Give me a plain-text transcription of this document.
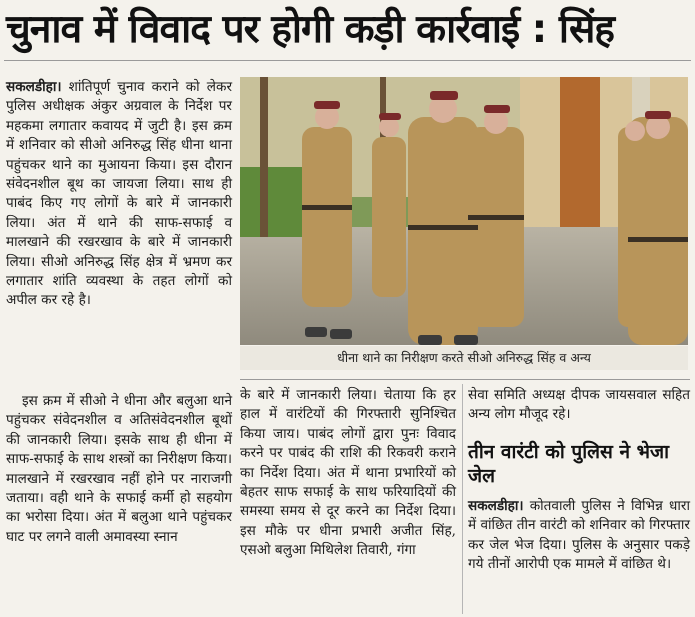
चुनाव में विवाद पर होगी कड़ी कार्रवाई : सिंह

सकलडीहा। शांतिपूर्ण चुनाव कराने को लेकर पुलिस अधीक्षक अंकुर अग्रवाल के निर्देश पर महकमा लगातार कवायद में जुटी है। इस क्रम में शनिवार को सीओ अनिरुद्ध सिंह धीना थाना पहुंचकर थाने का मुआयना किया। इस दौरान संवेदनशील बूथ का जायजा लिया। साथ ही पाबंद किए गए लोगों के बारे में जानकारी लिया। अंत में थाने की साफ-सफाई व मालखाने की रखरखाव के बारे में जानकारी लिया। सीओ अनिरुद्ध सिंह क्षेत्र में भ्रमण कर लगातार शांति व्यवस्था के तहत लोगों को अपील कर रहे है।

इस क्रम में सीओ ने धीना और बलुआ थाने पहुंचकर संवेदनशील व अतिसंवेदनशील बूथों की जानकारी लिया। इसके साथ ही धीना में साफ-सफाई के साथ शस्त्रों का निरीक्षण किया। मालखाने में रखरखाव नहीं होने पर नाराजगी जताया। वही थाने के सफाई कर्मी हो सहयोग का भरोसा दिया। अंत में बलुआ थाने पहुंचकर घाट पर लगने वाली अमावस्या स्नान

धीना थाने का निरीक्षण करते सीओ अनिरुद्ध सिंह व अन्य

के बारे में जानकारी लिया। चेताया कि हर हाल में वारंटियों की गिरफ्तारी सुनिश्चित किया जाय। पाबंद लोगों द्वारा पुनः विवाद करने पर पाबंद की राशि की रिकवरी कराने का निर्देश दिया। अंत में थाना प्रभारियों को बेहतर साफ सफाई के साथ फरियादियों की समस्या समय से दूर करने का निर्देश दिया। इस मौके पर धीना प्रभारी अजीत सिंह, एसओ बलुआ मिथिलेश तिवारी, गंगा

सेवा समिति अध्यक्ष दीपक जायसवाल सहित अन्य लोग मौजूद रहे।

तीन वारंटी को पुलिस ने भेजा जेल

सकलडीहा। कोतवाली पुलिस ने विभिन्न धारा में वांछित तीन वारंटी को शनिवार को गिरफ्तार कर जेल भेज दिया। पुलिस के अनुसार पकड़े गये तीनों आरोपी एक मामले में वांछित थे।
